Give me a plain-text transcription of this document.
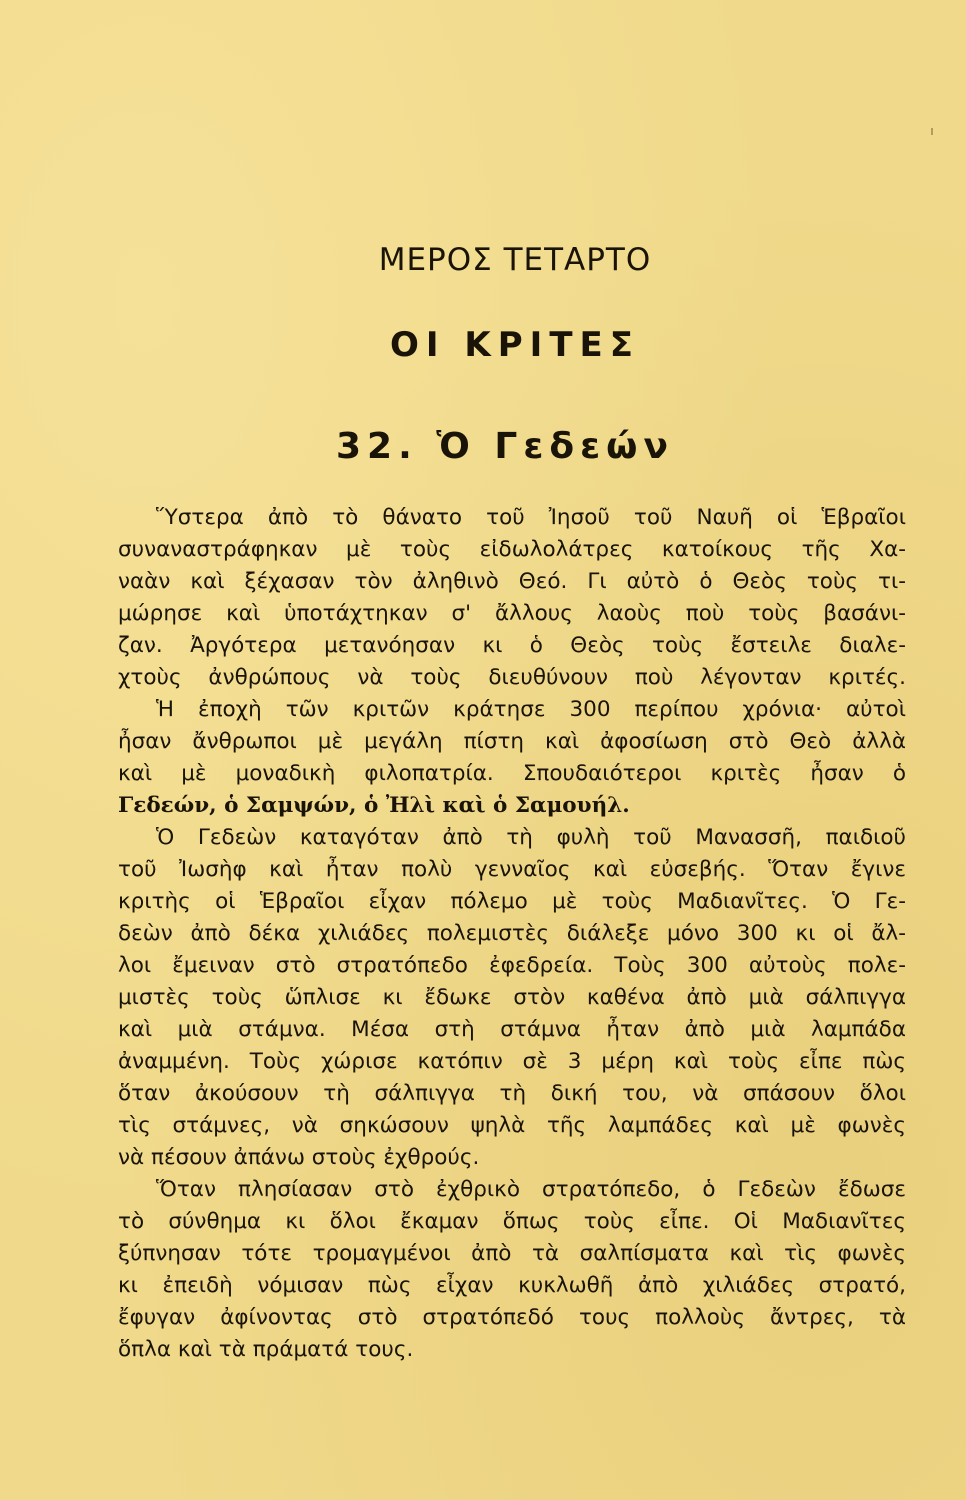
ΜΕΡΟΣ ΤΕΤΑΡΤΟ
ΟΙ ΚΡΙΤΕΣ
32. Ὁ Γεδεών
Ὕστερα ἀπὸ τὸ θάνατο τοῦ Ἰησοῦ τοῦ Ναυῆ οἱ Ἑβραῖοι
συναναστράφηκαν μὲ τοὺς εἰδωλολάτρες κατοίκους τῆς Χα-
ναὰν καὶ ξέχασαν τὸν ἀληθινὸ Θεό. Γι αὐτὸ ὁ Θεὸς τοὺς τι-
μώρησε καὶ ὑποτάχτηκαν σ' ἄλλους λαοὺς ποὺ τοὺς βασάνι-
ζαν. Ἀργότερα μετανόησαν κι ὁ Θεὸς τοὺς ἔστειλε διαλε-
χτοὺς ἀνθρώπους νὰ τοὺς διευθύνουν ποὺ λέγονταν κριτές.
Ἡ ἐποχὴ τῶν κριτῶν κράτησε 300 περίπου χρόνια· αὐτοὶ
ἦσαν ἄνθρωποι μὲ μεγάλη πίστη καὶ ἀφοσίωση στὸ Θεὸ ἀλλὰ
καὶ μὲ μοναδικὴ φιλοπατρία. Σπουδαιότεροι κριτὲς ἦσαν ὁ
Γεδεών, ὁ Σαμψών, ὁ Ἠλὶ καὶ ὁ Σαμουήλ.
Ὁ Γεδεὼν καταγόταν ἀπὸ τὴ φυλὴ τοῦ Μανασσῆ, παιδιοῦ
τοῦ Ἰωσὴφ καὶ ἦταν πολὺ γενναῖος καὶ εὐσεβής. Ὅταν ἔγινε
κριτὴς οἱ Ἑβραῖοι εἶχαν πόλεμο μὲ τοὺς Μαδιανῖτες. Ὁ Γε-
δεὼν ἀπὸ δέκα χιλιάδες πολεμιστὲς διάλεξε μόνο 300 κι οἱ ἄλ-
λοι ἔμειναν στὸ στρατόπεδο ἐφεδρεία. Τοὺς 300 αὐτοὺς πολε-
μιστὲς τοὺς ὥπλισε κι ἔδωκε στὸν καθένα ἀπὸ μιὰ σάλπιγγα
καὶ μιὰ στάμνα. Μέσα στὴ στάμνα ἦταν ἀπὸ μιὰ λαμπάδα
ἀναμμένη. Τοὺς χώρισε κατόπιν σὲ 3 μέρη καὶ τοὺς εἶπε πὼς
ὅταν ἀκούσουν τὴ σάλπιγγα τὴ δική του, νὰ σπάσουν ὅλοι
τὶς στάμνες, νὰ σηκώσουν ψηλὰ τῆς λαμπάδες καὶ μὲ φωνὲς
νὰ πέσουν ἀπάνω στοὺς ἐχθρούς.
Ὅταν πλησίασαν στὸ ἐχθρικὸ στρατόπεδο, ὁ Γεδεὼν ἔδωσε
τὸ σύνθημα κι ὅλοι ἔκαμαν ὅπως τοὺς εἶπε. Οἱ Μαδιανῖτες
ξύπνησαν τότε τρομαγμένοι ἀπὸ τὰ σαλπίσματα καὶ τὶς φωνὲς
κι ἐπειδὴ νόμισαν πὼς εἶχαν κυκλωθῆ ἀπὸ χιλιάδες στρατό,
ἔφυγαν ἀφίνοντας στὸ στρατόπεδό τους πολλοὺς ἄντρες, τὰ
ὅπλα καὶ τὰ πράματά τους.
